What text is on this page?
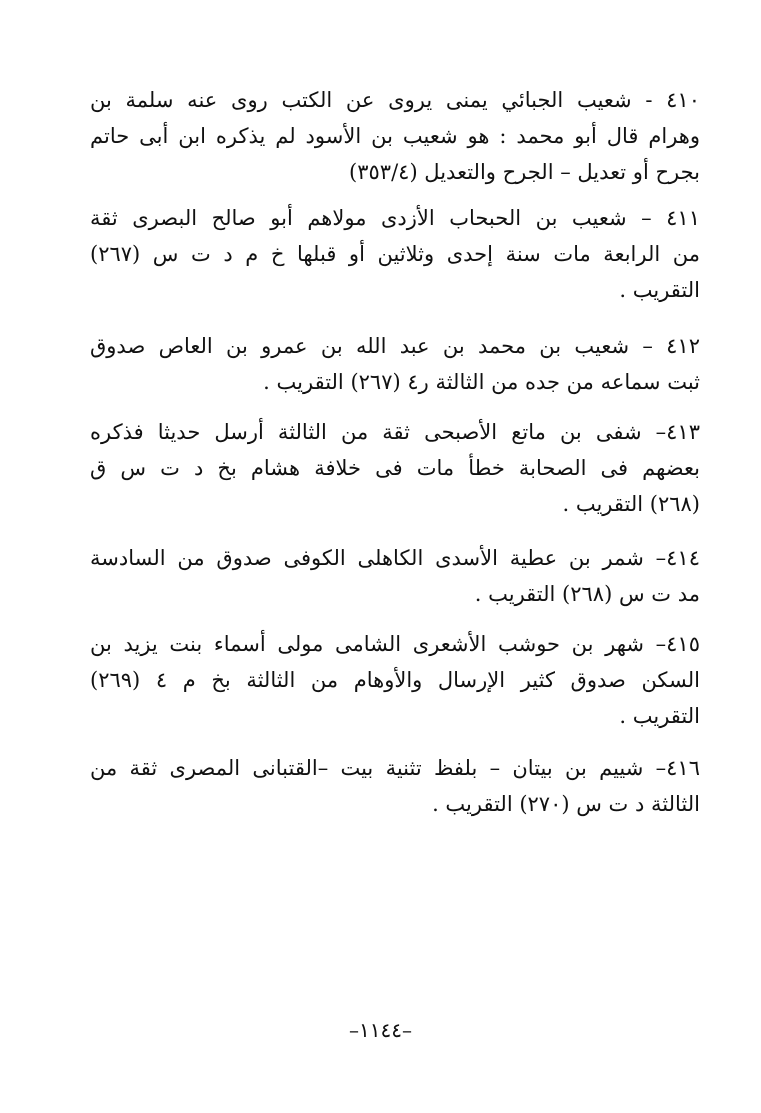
٤١٠ - شعيب الجبائي يمنى يروى عن الكتب روى عنه سلمة بن
وهرام قال أبو محمد : هو شعيب بن الأسود لم يذكره ابن أبى حاتم
بجرح أو تعديل – الجرح والتعديل (٣٥٣/٤)
٤١١ – شعيب بن الحبحاب الأزدى مولاهم أبو صالح البصرى ثقة
من الرابعة مات سنة إحدى وثلاثين أو قبلها خ م د ت س (٢٦٧)
التقريب .
٤١٢ – شعيب بن محمد بن عبد الله بن عمرو بن العاص صدوق
ثبت سماعه من جده من الثالثة ر٤ (٢٦٧) التقريب .
٤١٣– شفى بن ماتع الأصبحى ثقة من الثالثة أرسل حديثا فذكره
بعضهم فى الصحابة خطأ مات فى خلافة هشام بخ د ت س ق
(٢٦٨) التقريب .
٤١٤– شمر بن عطية الأسدى الكاهلى الكوفى صدوق من السادسة
مد ت س (٢٦٨) التقريب .
٤١٥– شهر بن حوشب الأشعرى الشامى مولى أسماء بنت يزيد بن
السكن صدوق كثير الإرسال والأوهام من الثالثة بخ م ٤ (٢٦٩)
التقريب .
٤١٦– شييم بن بيتان – بلفظ تثنية بيت –القتبانى المصرى ثقة من
الثالثة د ت س (٢٧٠) التقريب .
–١١٤٤–
